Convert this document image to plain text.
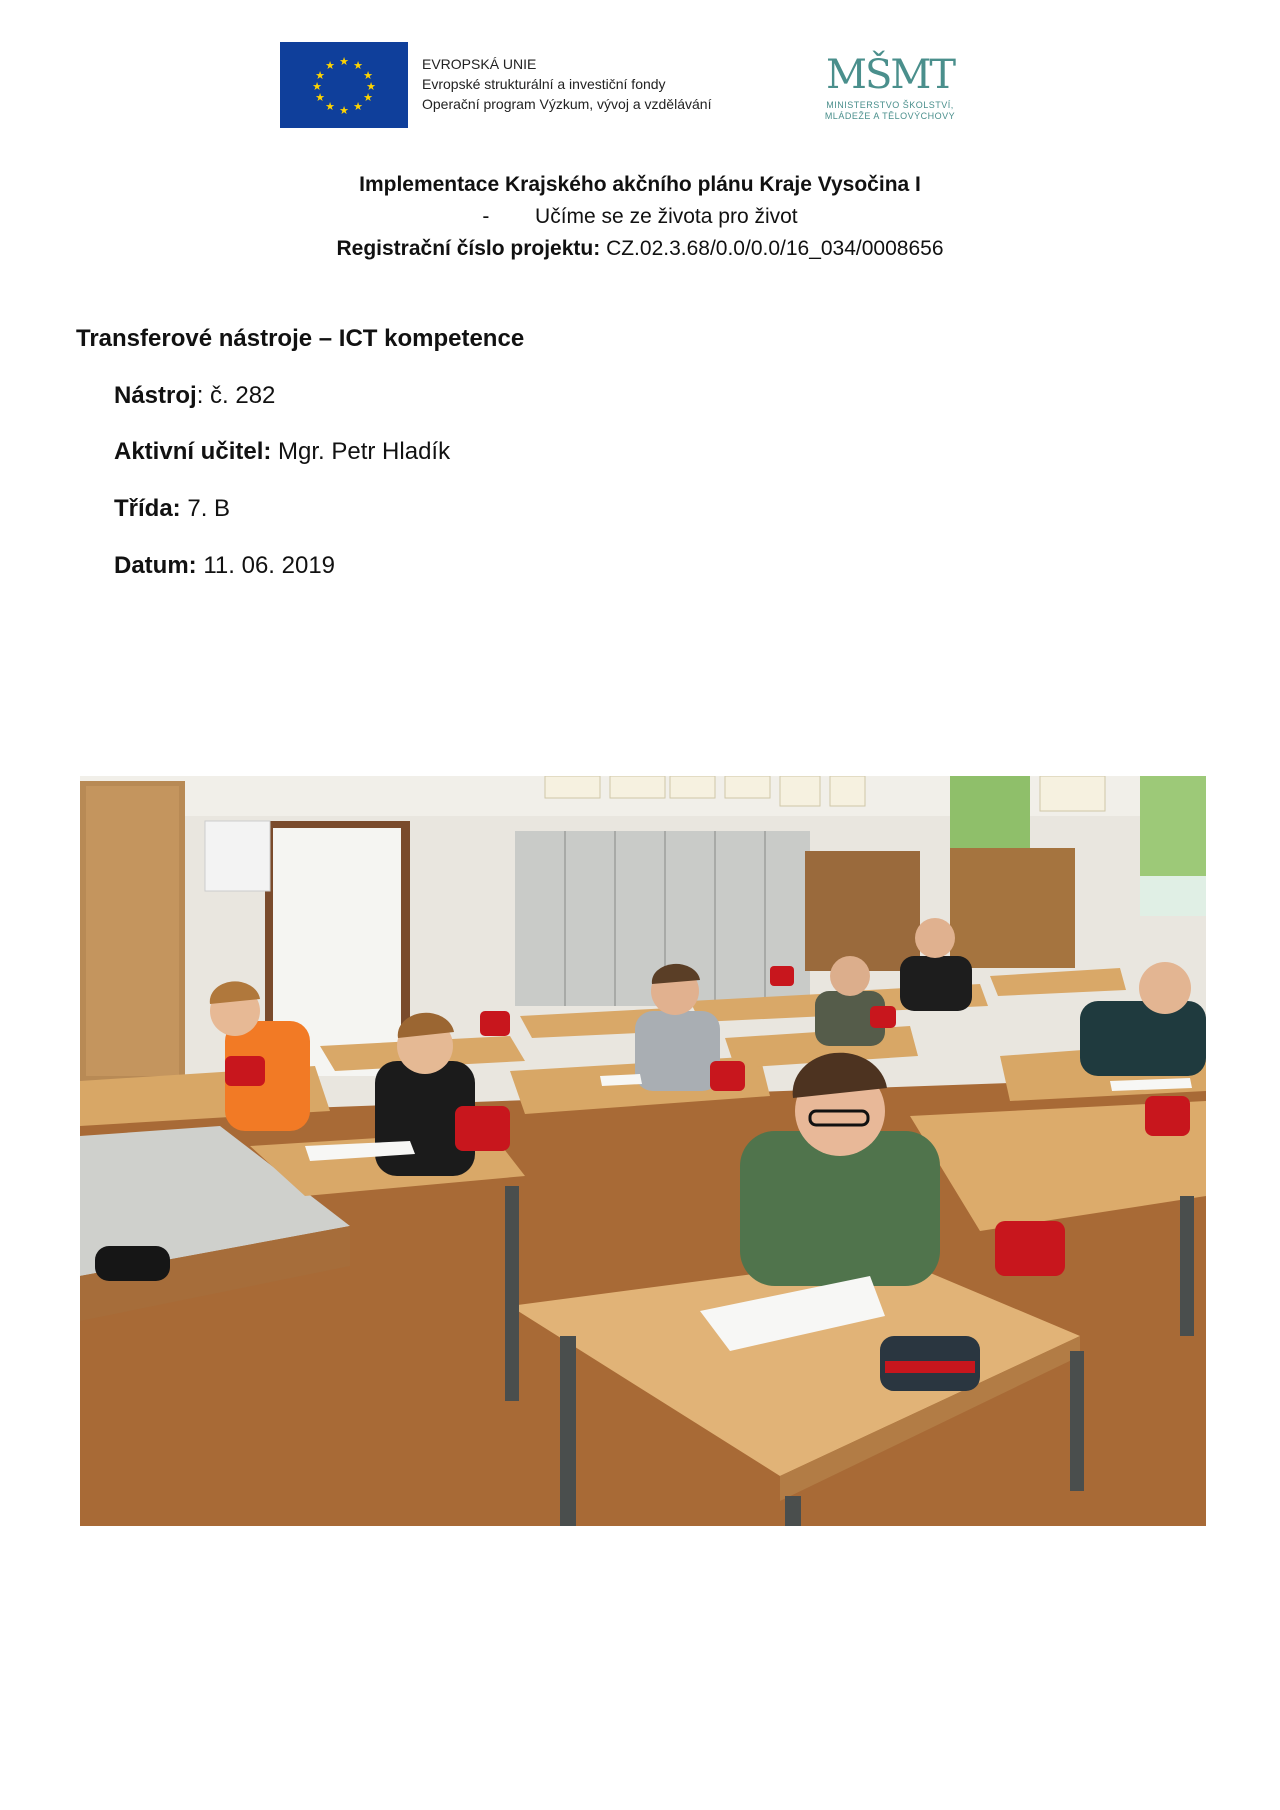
★ ★
★
★
★
★
★
★
★
★
★
★	EVROPSKÁ UNIE
Evropské strukturální a investiční fondy
Operační program Výzkum, vývoj a vzdělávání
MŠMT
MINISTERSTVO ŠKOLSTVÍ,
MLÁDEŽE A TĚLOVÝCHOVY
Implementace Krajského akčního plánu Kraje Vysočina I
- Učíme se ze života pro život
Registrační číslo projektu: CZ.02.3.68/0.0/0.0/16_034/0008656
Transferové nástroje – ICT kompetence
Nástroj: č. 282
Aktivní učitel: Mgr. Petr Hladík
Třída: 7. B
Datum: 11. 06. 2019
